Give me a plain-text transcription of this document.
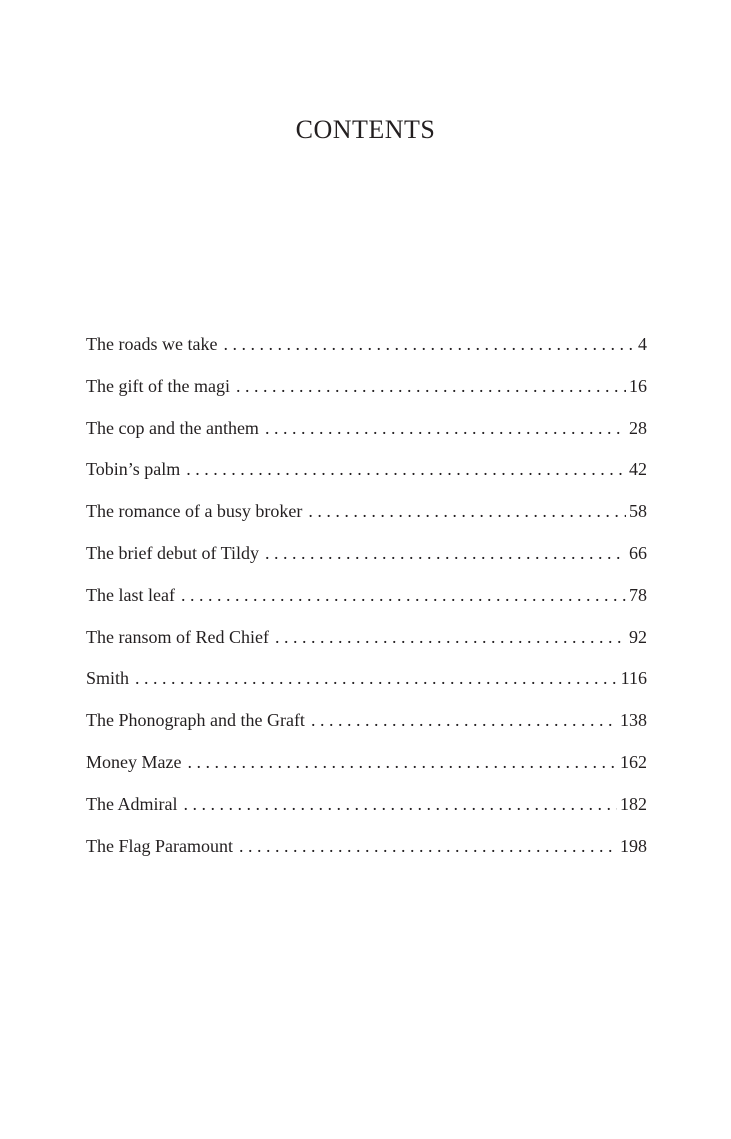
CONTENTS
The roads we take . . .	4
The gift of the magi . . .	16
The cop and the anthem . . .	28
Tobin’s palm . . .	42
The romance of a busy broker . . .	58
The brief debut of Tildy . . .	66
The last leaf . . .	78
The ransom of Red Chief . . .	92
Smith . . .	116
The Phonograph and the Graft . . .	138
Money Maze . . .	162
The Admiral . . .	182
The Flag Paramount . . .	198
